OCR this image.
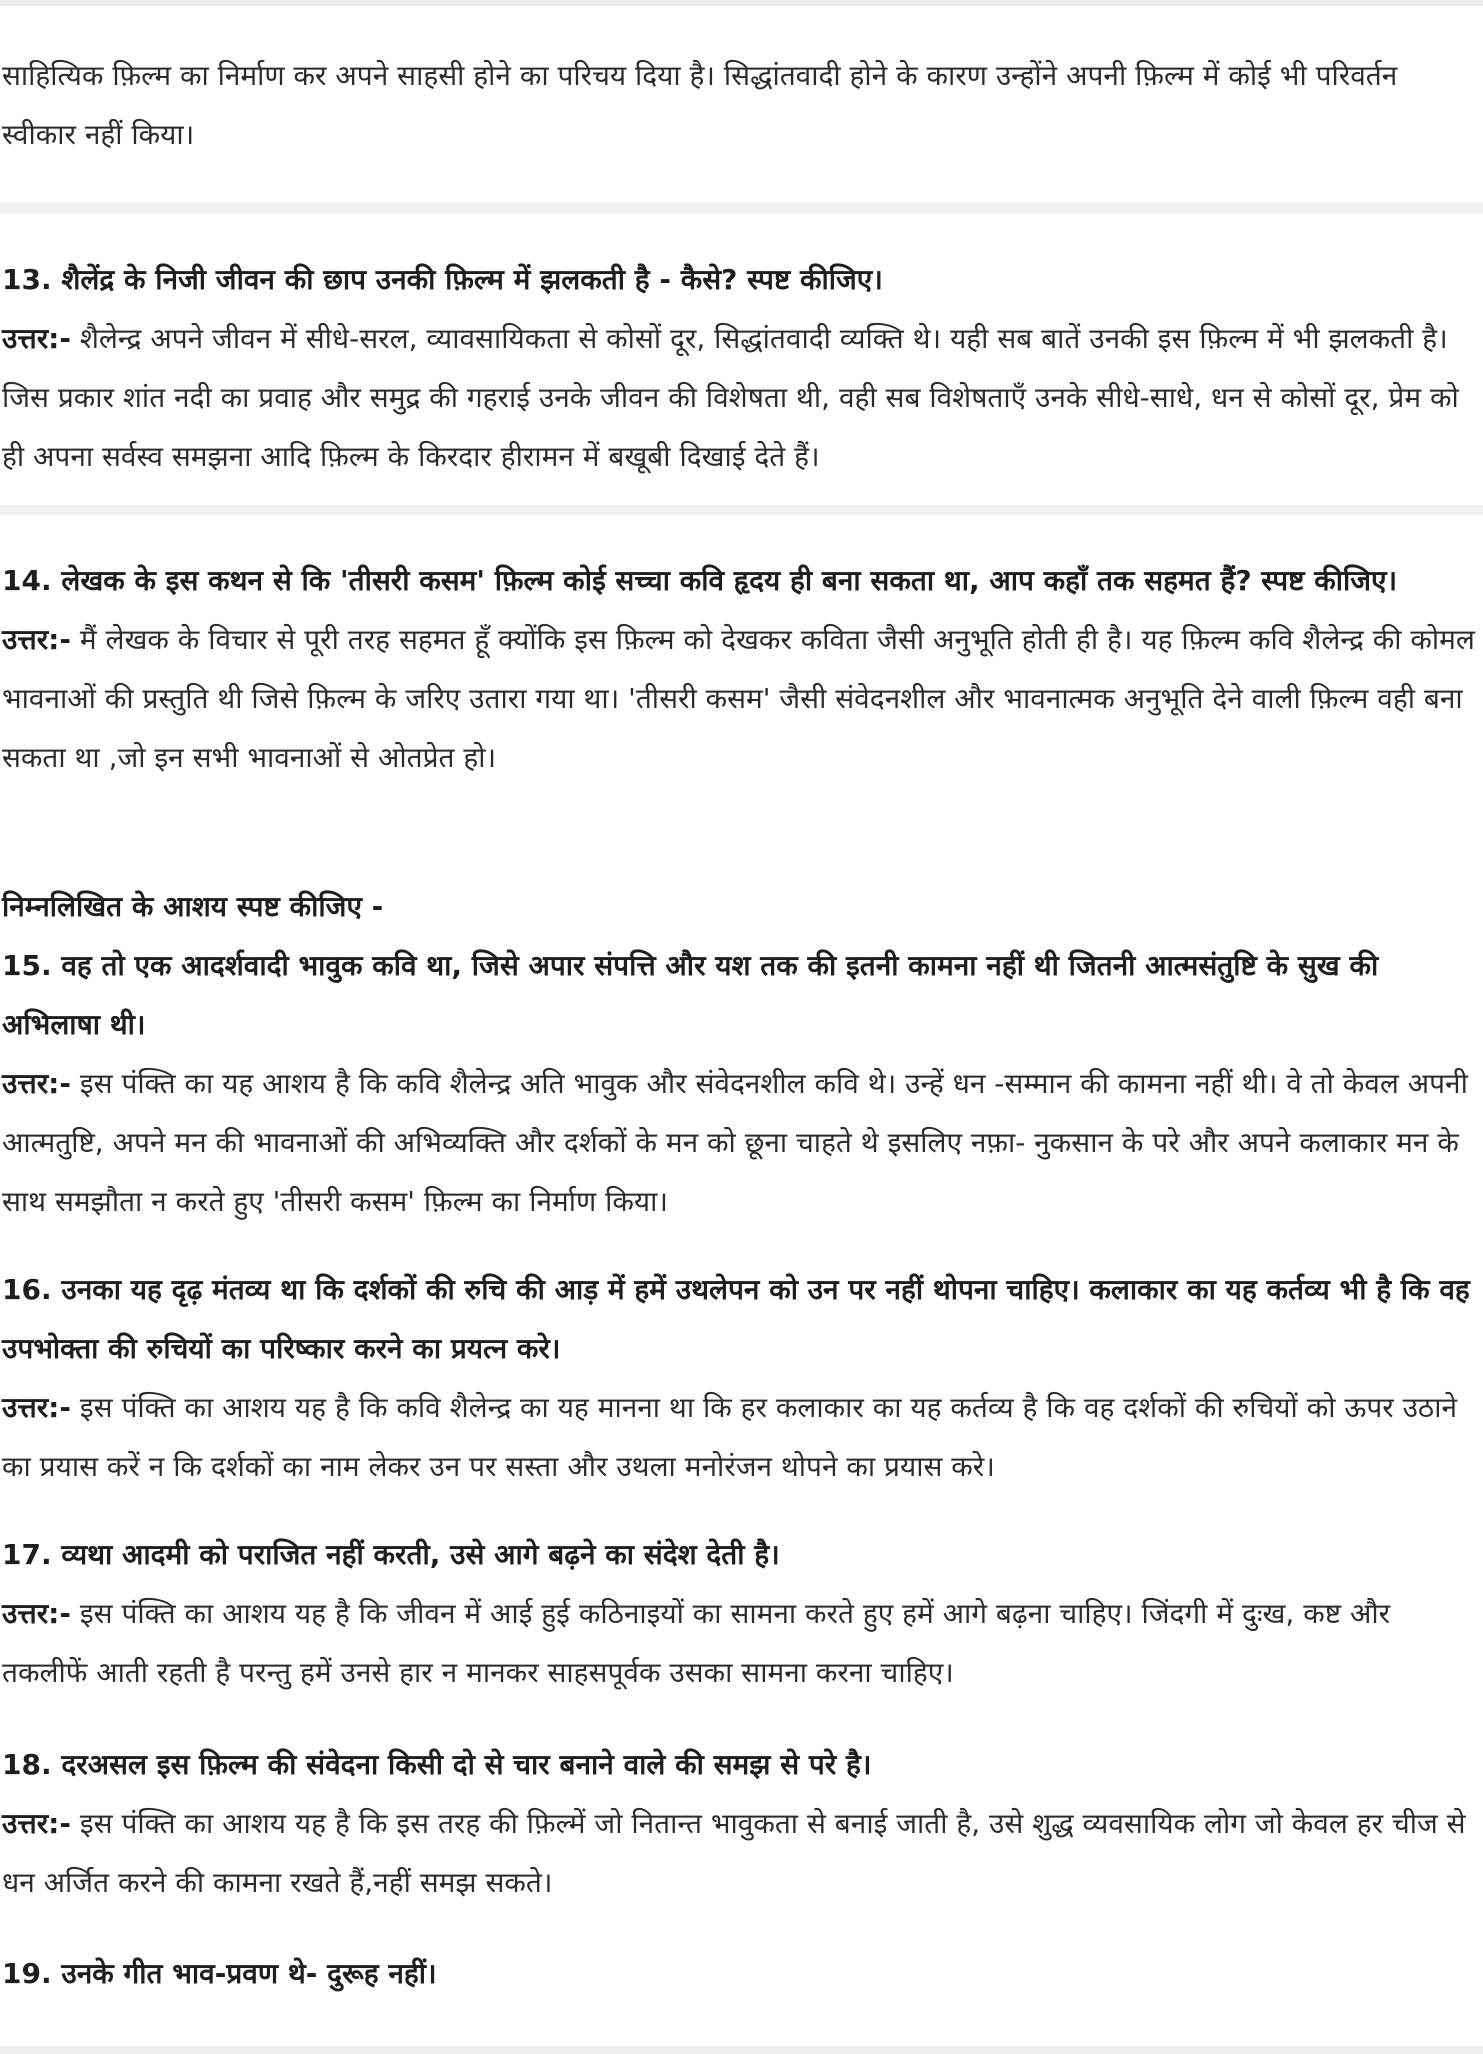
साहित्यिक फ़िल्म का निर्माण कर अपने साहसी होने का परिचय दिया है। सिद्धांतवादी होने के कारण उन्होंने अपनी फ़िल्म में कोई भी परिवर्तन स्वीकार नहीं किया।

13. शैलेंद्र के निजी जीवन की छाप उनकी फ़िल्म में झलकती है - कैसे? स्पष्ट कीजिए।

उत्तर:- शैलेन्द्र अपने जीवन में सीधे-सरल, व्यावसायिकता से कोसों दूर, सिद्धांतवादी व्यक्ति थे। यही सब बातें उनकी इस फ़िल्म में भी झलकती है। जिस प्रकार शांत नदी का प्रवाह और समुद्र की गहराई उनके जीवन की विशेषता थी, वही सब विशेषताएँ उनके सीधे-साधे, धन से कोसों दूर, प्रेम को ही अपना सर्वस्व समझना आदि फ़िल्म के किरदार हीरामन में बखूबी दिखाई देते हैं।

14. लेखक के इस कथन से कि 'तीसरी कसम' फ़िल्म कोई सच्चा कवि हृदय ही बना सकता था, आप कहाँ तक सहमत हैं? स्पष्ट कीजिए।

उत्तर:- मैं लेखक के विचार से पूरी तरह सहमत हूँ क्योंकि इस फ़िल्म को देखकर कविता जैसी अनुभूति होती ही है। यह फ़िल्म कवि शैलेन्द्र की कोमल भावनाओं की प्रस्तुति थी जिसे फ़िल्म के जरिए उतारा गया था। 'तीसरी कसम' जैसी संवेदनशील और भावनात्मक अनुभूति देने वाली फ़िल्म वही बना सकता था ,जो इन सभी भावनाओं से ओतप्रेत हो।

निम्नलिखित के आशय स्पष्ट कीजिए -

15. वह तो एक आदर्शवादी भावुक कवि था, जिसे अपार संपत्ति और यश तक की इतनी कामना नहीं थी जितनी आत्मसंतुष्टि के सुख की अभिलाषा थी।

उत्तर:- इस पंक्ति का यह आशय है कि कवि शैलेन्द्र अति भावुक और संवेदनशील कवि थे। उन्हें धन -सम्मान की कामना नहीं थी। वे तो केवल अपनी आत्मतुष्टि, अपने मन की भावनाओं की अभिव्यक्ति और दर्शकों के मन को छूना चाहते थे इसलिए नफ़ा- नुकसान के परे और अपने कलाकार मन के साथ समझौता न करते हुए 'तीसरी कसम' फ़िल्म का निर्माण किया।

16. उनका यह दृढ़ मंतव्य था कि दर्शकों की रुचि की आड़ में हमें उथलेपन को उन पर नहीं थोपना चाहिए। कलाकार का यह कर्तव्य भी है कि वह उपभोक्ता की रुचियों का परिष्कार करने का प्रयत्न करे।

उत्तर:- इस पंक्ति का आशय यह है कि कवि शैलेन्द्र का यह मानना था कि हर कलाकार का यह कर्तव्य है कि वह दर्शकों की रुचियों को ऊपर उठाने का प्रयास करें न कि दर्शकों का नाम लेकर उन पर सस्ता और उथला मनोरंजन थोपने का प्रयास करे।

17. व्यथा आदमी को पराजित नहीं करती, उसे आगे बढ़ने का संदेश देती है।

उत्तर:- इस पंक्ति का आशय यह है कि जीवन में आई हुई कठिनाइयों का सामना करते हुए हमें आगे बढ़ना चाहिए। जिंदगी में दुःख, कष्ट और तकलीफें आती रहती है परन्तु हमें उनसे हार न मानकर साहसपूर्वक उसका सामना करना चाहिए।

18. दरअसल इस फ़िल्म की संवेदना किसी दो से चार बनाने वाले की समझ से परे है।

उत्तर:- इस पंक्ति का आशय यह है कि इस तरह की फ़िल्में जो नितान्त भावुकता से बनाई जाती है, उसे शुद्ध व्यवसायिक लोग जो केवल हर चीज से धन अर्जित करने की कामना रखते हैं,नहीं समझ सकते।

19. उनके गीत भाव-प्रवण थे- दुरूह नहीं।
